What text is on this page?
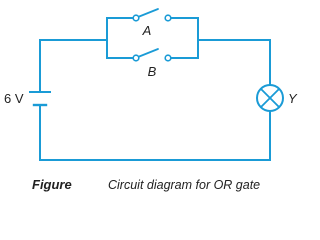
A
B
6 V	Y
Figure	Circuit diagram for OR gate
